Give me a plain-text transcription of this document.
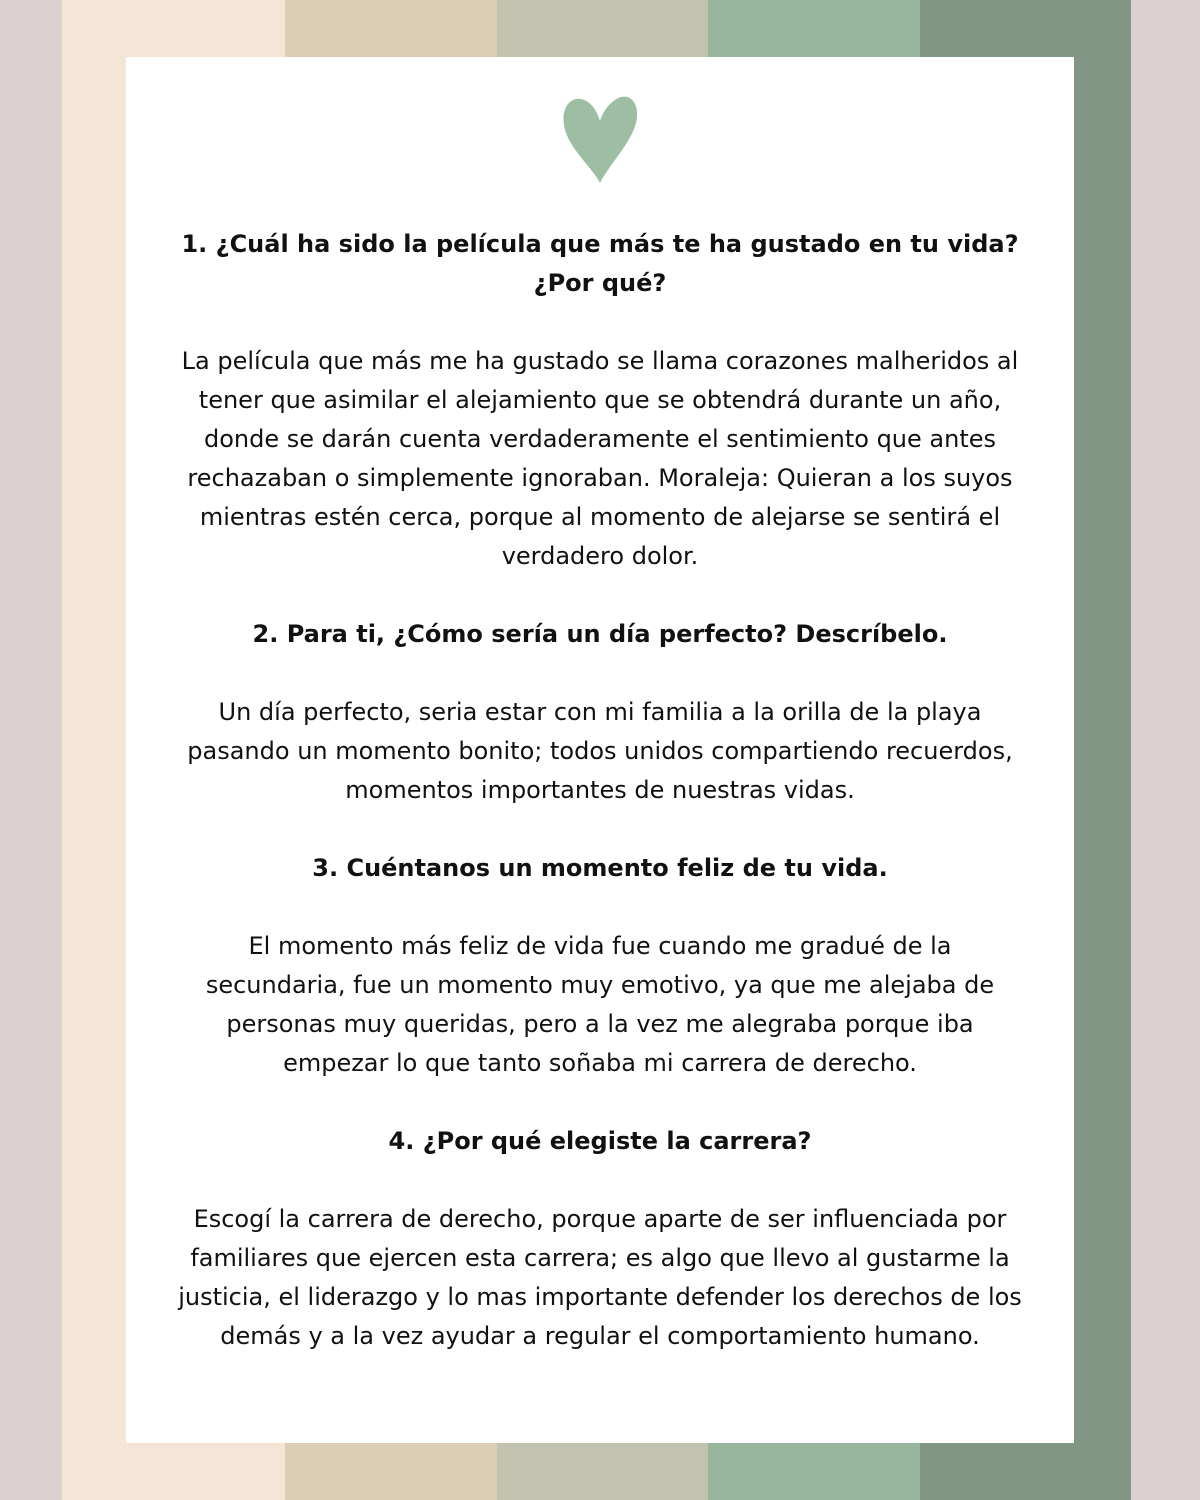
1. ¿Cuál ha sido la película que más te ha gustado en tu vida?

¿Por qué?

La película que más me ha gustado se llama corazones malheridos al

tener que asimilar el alejamiento que se obtendrá durante un año,

donde se darán cuenta verdaderamente el sentimiento que antes

rechazaban o simplemente ignoraban. Moraleja: Quieran a los suyos

mientras estén cerca, porque al momento de alejarse se sentirá el

verdadero dolor.

2. Para ti, ¿Cómo sería un día perfecto? Descríbelo.

Un día perfecto, seria estar con mi familia a la orilla de la playa

pasando un momento bonito; todos unidos compartiendo recuerdos,

momentos importantes de nuestras vidas.

3. Cuéntanos un momento feliz de tu vida.

El momento más feliz de vida fue cuando me gradué de la

secundaria, fue un momento muy emotivo, ya que me alejaba de

personas muy queridas, pero a la vez me alegraba porque iba

empezar lo que tanto soñaba mi carrera de derecho.

4. ¿Por qué elegiste la carrera?

Escogí la carrera de derecho, porque aparte de ser influenciada por

familiares que ejercen esta carrera; es algo que llevo al gustarme la

justicia, el liderazgo y lo mas importante defender los derechos de los

demás y a la vez ayudar a regular el comportamiento humano.
